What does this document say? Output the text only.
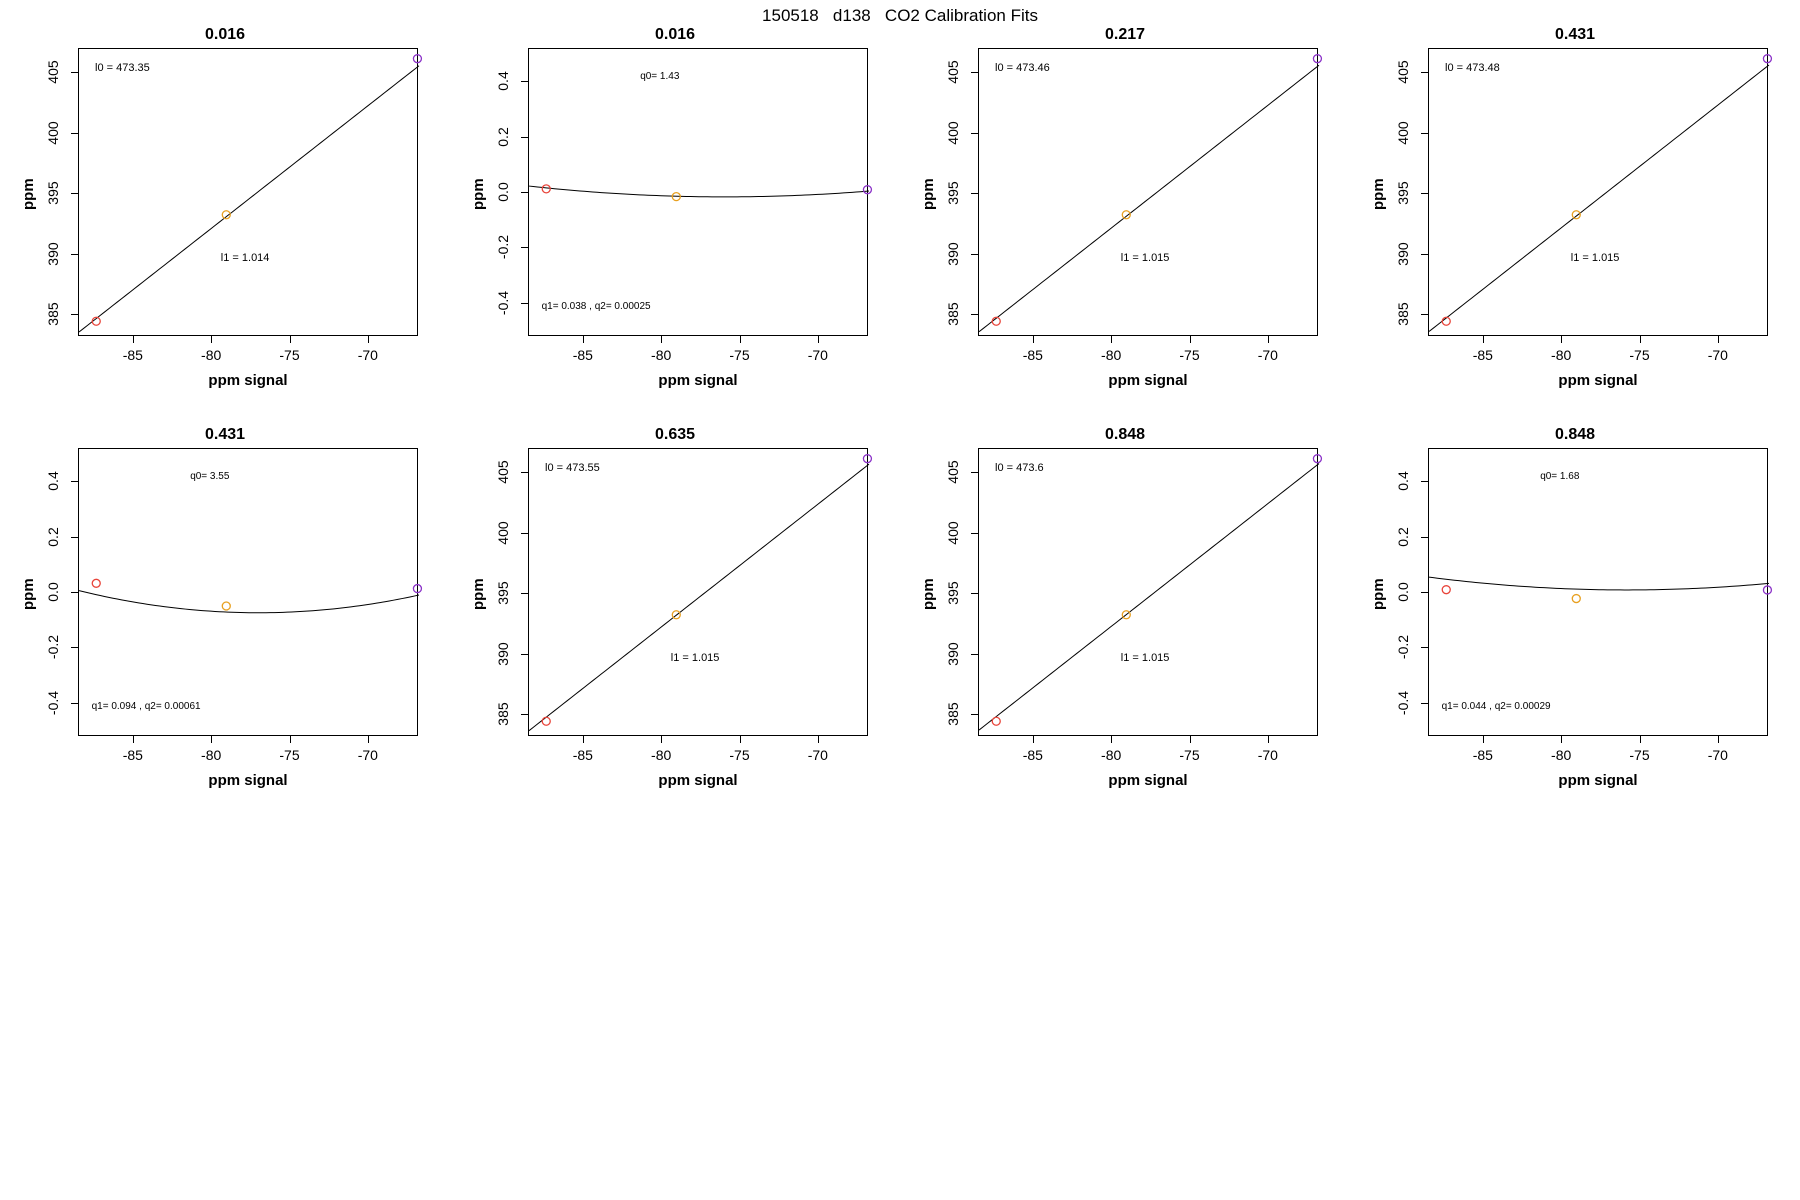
150518   d138   CO2 Calibration Fits
0.016
-85	-80	-75	-70
385
390
395
400
405
ppm signal
ppm
l0 = 473.35
l1 = 1.014
0.016
-85	-80	-75	-70
-0.4
-0.2
0.0
0.2
0.4
ppm signal
ppm
q0= 1.43
q1= 0.038 , q2= 0.00025
0.217
-85	-80	-75	-70
385
390
395
400
405
ppm signal
ppm
l0 = 473.46
l1 = 1.015
0.431
-85	-80	-75	-70
385
390
395
400
405
ppm signal
ppm
l0 = 473.48
l1 = 1.015
0.431
-85	-80	-75	-70
-0.4
-0.2
0.0
0.2
0.4
ppm signal
ppm
q0= 3.55
q1= 0.094 , q2= 0.00061
0.635
-85	-80	-75	-70
385
390
395
400
405
ppm signal
ppm
l0 = 473.55
l1 = 1.015
0.848
-85	-80	-75	-70
385
390
395
400
405
ppm signal
ppm
l0 = 473.6
l1 = 1.015
0.848
-85	-80	-75	-70
-0.4
-0.2
0.0
0.2
0.4
ppm signal
ppm
q0= 1.68
q1= 0.044 , q2= 0.00029
